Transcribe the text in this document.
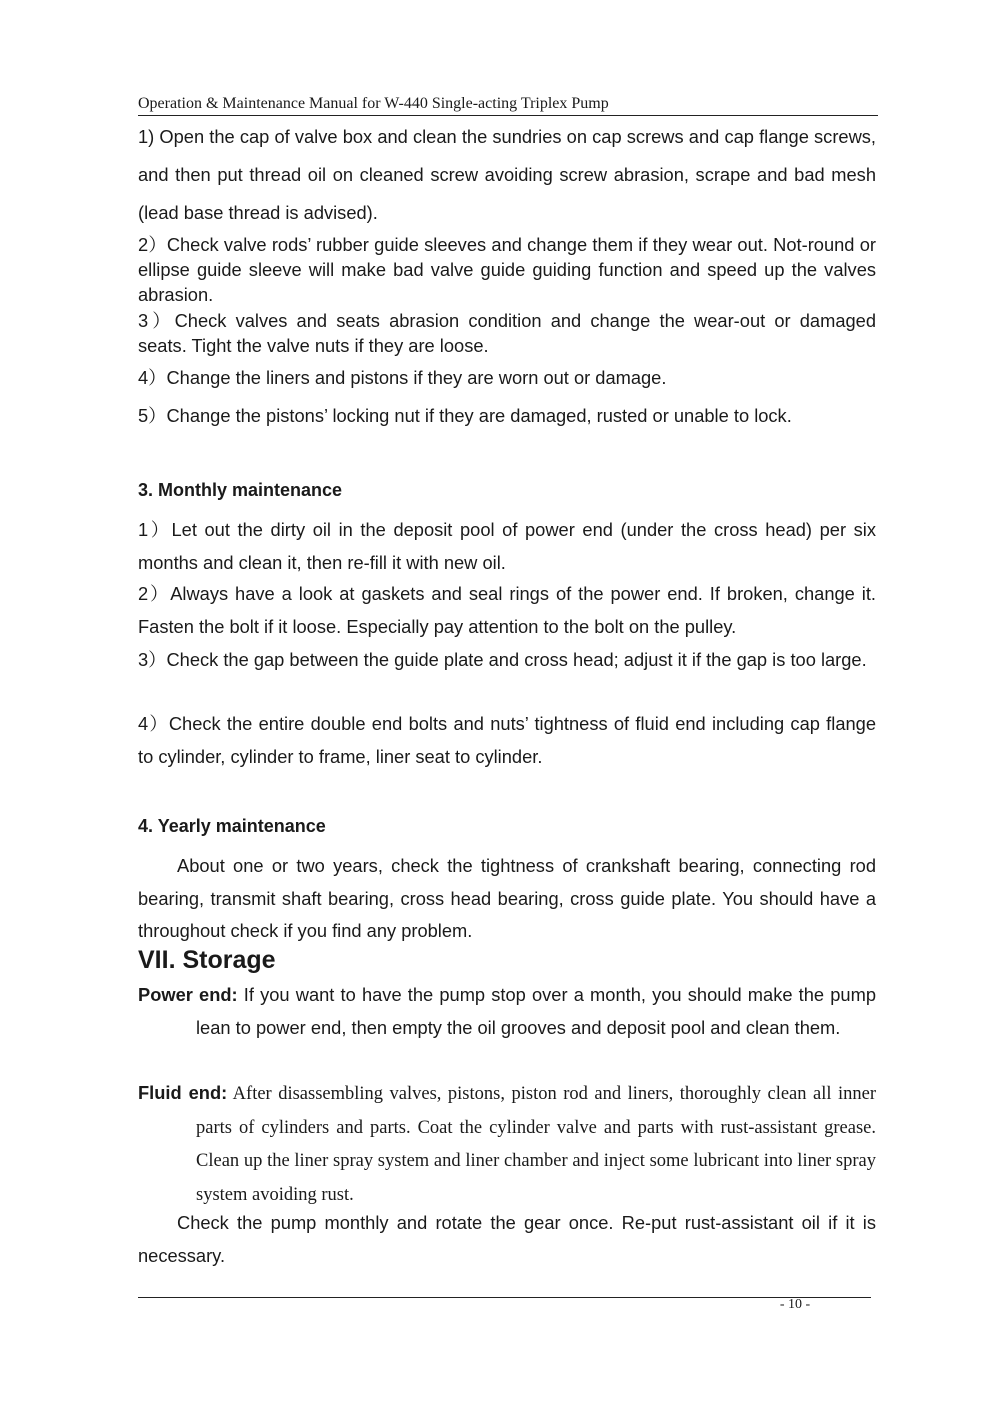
Operation & Maintenance Manual for W-440 Single-acting Triplex Pump

1) Open the cap of valve box and clean the sundries on cap screws and cap flange screws, and then put thread oil on cleaned screw avoiding screw abrasion, scrape and bad mesh (lead base thread is advised).

2）Check valve rods’ rubber guide sleeves and change them if they wear out. Not-round or ellipse guide sleeve will make bad valve guide guiding function and speed up the valves abrasion.

3）Check valves and seats abrasion condition and change the wear-out or damaged seats. Tight the valve nuts if they are loose.

4）Change the liners and pistons if they are worn out or damage.

5）Change the pistons’ locking nut if they are damaged, rusted or unable to lock.

3. Monthly maintenance

1）Let out the dirty oil in the deposit pool of power end (under the cross head) per six months and clean it, then re-fill it with new oil.

2）Always have a look at gaskets and seal rings of the power end. If broken, change it. Fasten the bolt if it loose. Especially pay attention to the bolt on the pulley.

3）Check the gap between the guide plate and cross head; adjust it if the gap is too large.

4）Check the entire double end bolts and nuts’ tightness of fluid end including cap flange to cylinder, cylinder to frame, liner seat to cylinder.

4. Yearly maintenance

About one or two years, check the tightness of crankshaft bearing, connecting rod bearing, transmit shaft bearing, cross head bearing, cross guide plate. You should have a throughout check if you find any problem.

VII. Storage

Power end: If you want to have the pump stop over a month, you should make the pump lean to power end, then empty the oil grooves and deposit pool and clean them.

Fluid end: After disassembling valves, pistons, piston rod and liners, thoroughly clean all inner parts of cylinders and parts. Coat the cylinder valve and parts with rust-assistant grease. Clean up the liner spray system and liner chamber and inject some lubricant into liner spray system avoiding rust.

Check the pump monthly and rotate the gear once. Re-put rust-assistant oil if it is necessary.

- 10 -
